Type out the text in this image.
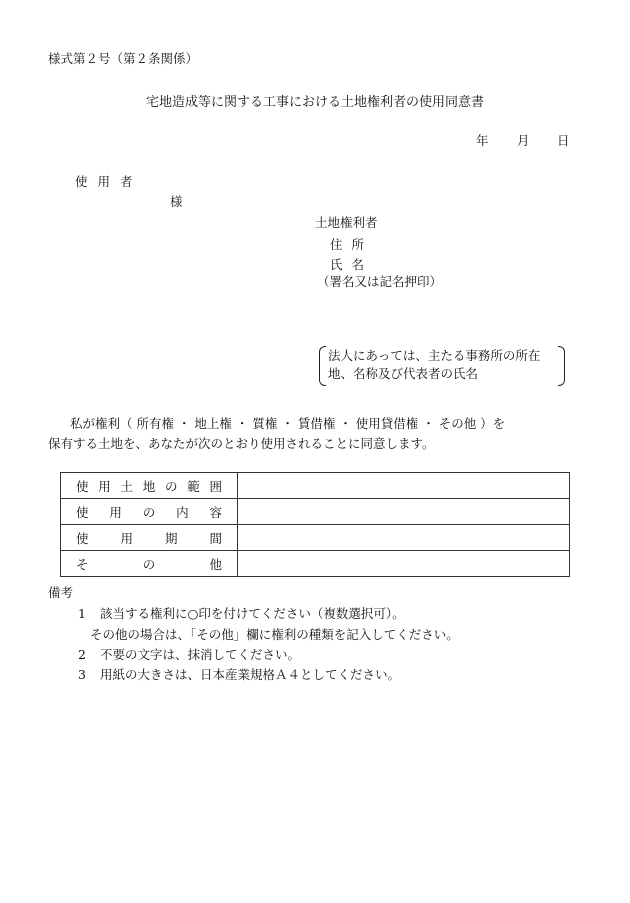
様式第２号（第２条関係）
宅地造成等に関する工事における土地権利者の使用同意書
年 月 日
使用者
様
土地権利者
住所
氏名
（署名又は記名押印）
法人にあっては、主たる事務所の所在
地、名称及び代表者の氏名
私が権利（ 所有権 ・ 地上権 ・ 質権 ・ 賃借権 ・ 使用貸借権 ・ その他 ）を
保有する土地を、あなたが次のとおり使用されることに同意します。
使用土地の範囲	
使用の内容	
使用期間	
その他	
備考
1 該当する権利に○印を付けてください（複数選択可）。
その他の場合は、「その他」欄に権利の種類を記入してください。
2 不要の文字は、抹消してください。
3 用紙の大きさは、日本産業規格Ａ４としてください。
